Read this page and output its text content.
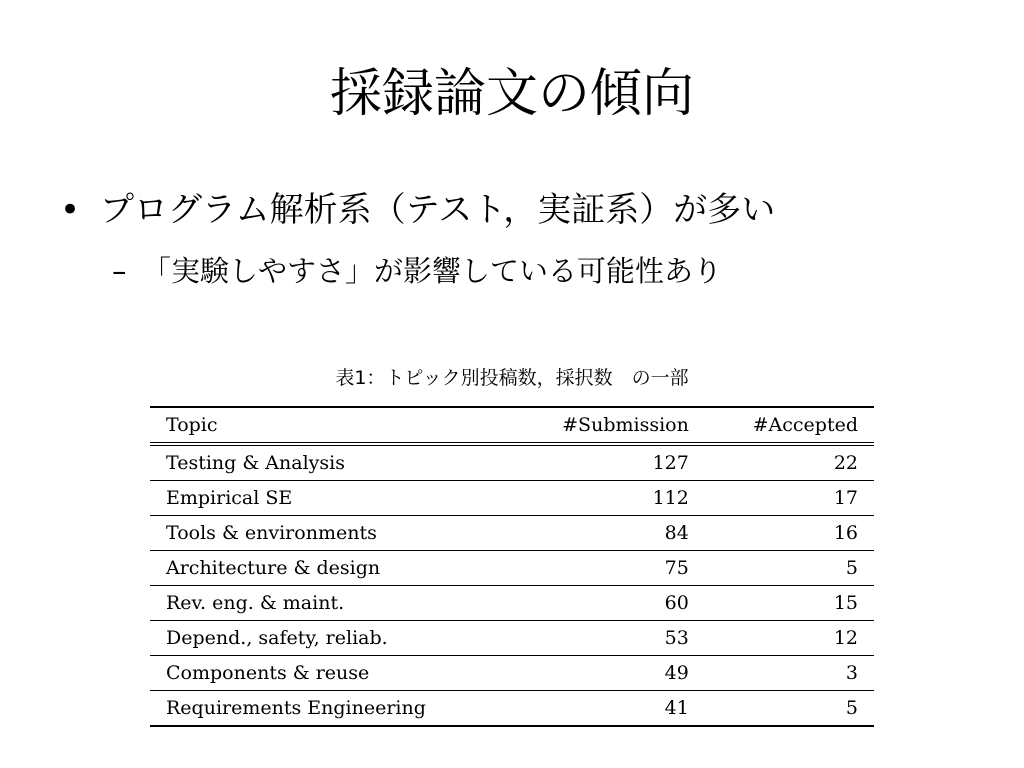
採録論文の傾向
• プログラム解析系（テスト，実証系）が多い
– 「実験しやすさ」が影響している可能性あり
表1：トピック別投稿数，採択数　の一部
Topic	#Submission	#Accepted
Testing & Analysis	127	22
Empirical SE	112	17
Tools & environments	84	16
Architecture & design	75	5
Rev. eng. & maint.	60	15
Depend., safety, reliab.	53	12
Components & reuse	49	3
Requirements Engineering	41	5
